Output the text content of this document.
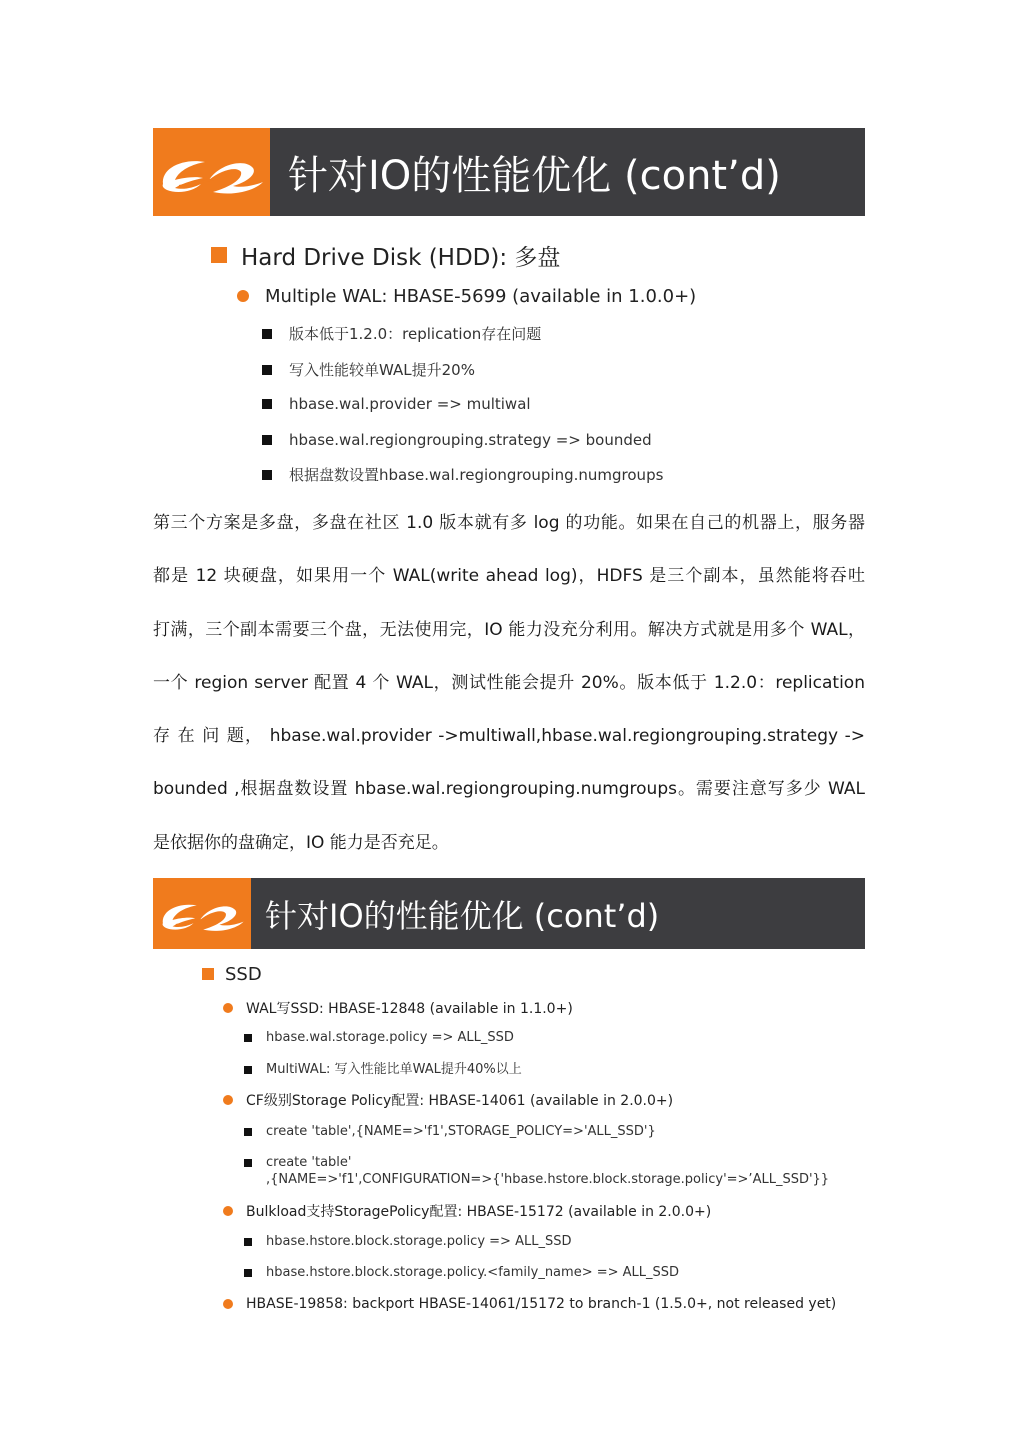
针对IO的性能优化 (cont’d)
Hard Drive Disk (HDD): 多盘
Multiple WAL: HBASE-5699 (available in 1.0.0+)
版本低于1.2.0：replication存在问题
写入性能较单WAL提升20%
hbase.wal.provider => multiwal
hbase.wal.regiongrouping.strategy => bounded
根据盘数设置hbase.wal.regiongrouping.numgroups
第三个方案是多盘，多盘在社区 1.0 版本就有多 log 的功能。如果在自己的机器上，服务器
都是 12 块硬盘，如果用一个 WAL(write ahead log)，HDFS 是三个副本，虽然能将吞吐
打满，三个副本需要三个盘，无法使用完，IO 能力没充分利用。解决方式就是用多个 WAL，
一个 region server 配置 4 个 WAL，测试性能会提升 20%。版本低于 1.2.0：replication
存 在 问 题， hbase.wal.provider ->multiwall,hbase.wal.regiongrouping.strategy ->
bounded ,根据盘数设置 hbase.wal.regiongrouping.numgroups。需要注意写多少 WAL
是依据你的盘确定，IO 能力是否充足。
针对IO的性能优化 (cont’d)
SSD
WAL写SSD: HBASE-12848 (available in 1.1.0+)
hbase.wal.storage.policy => ALL_SSD
MultiWAL: 写入性能比单WAL提升40%以上
CF级别Storage Policy配置: HBASE-14061 (available in 2.0.0+)
create 'table',{NAME=>'f1',STORAGE_POLICY=>'ALL_SSD'}
create 'table'
,{NAME=>'f1',CONFIGURATION=>{'hbase.hstore.block.storage.policy'=>’ALL_SSD'}}
Bulkload支持StoragePolicy配置: HBASE-15172 (available in 2.0.0+)
hbase.hstore.block.storage.policy => ALL_SSD
hbase.hstore.block.storage.policy.<family_name> => ALL_SSD
HBASE-19858: backport HBASE-14061/15172 to branch-1 (1.5.0+, not released yet)
